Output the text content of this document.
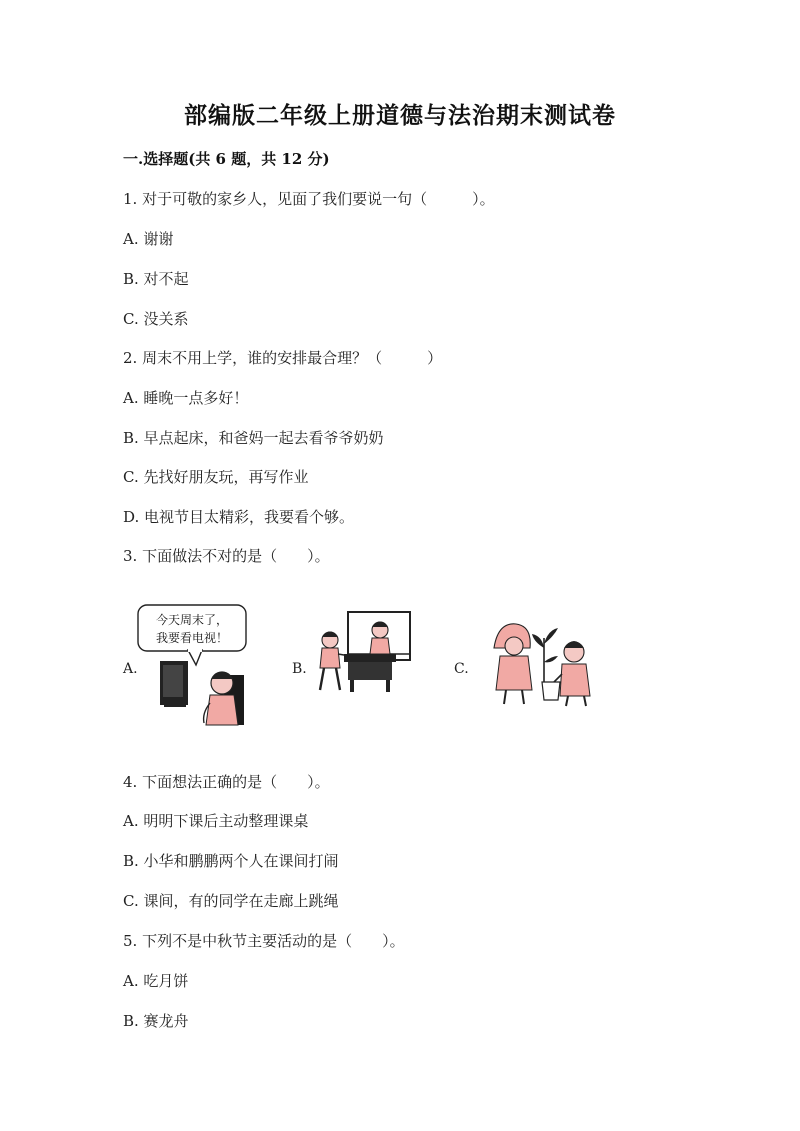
部编版二年级上册道德与法治期末测试卷
一.选择题(共 6 题，共 12 分)
1. 对于可敬的家乡人，见面了我们要说一句（　　　）。
A. 谢谢
B. 对不起
C. 没关系
2. 周末不用上学，谁的安排最合理？（　　　）
A. 睡晚一点多好！
B. 早点起床，和爸妈一起去看爷爷奶奶
C. 先找好朋友玩，再写作业
D. 电视节目太精彩，我要看个够。
3. 下面做法不对的是（　　）。
A.
今天周末了，
我要看电视！
B.	C.
4. 下面想法正确的是（　　）。
A. 明明下课后主动整理课桌
B. 小华和鹏鹏两个人在课间打闹
C. 课间，有的同学在走廊上跳绳
5. 下列不是中秋节主要活动的是（　　）。
A. 吃月饼
B. 赛龙舟
